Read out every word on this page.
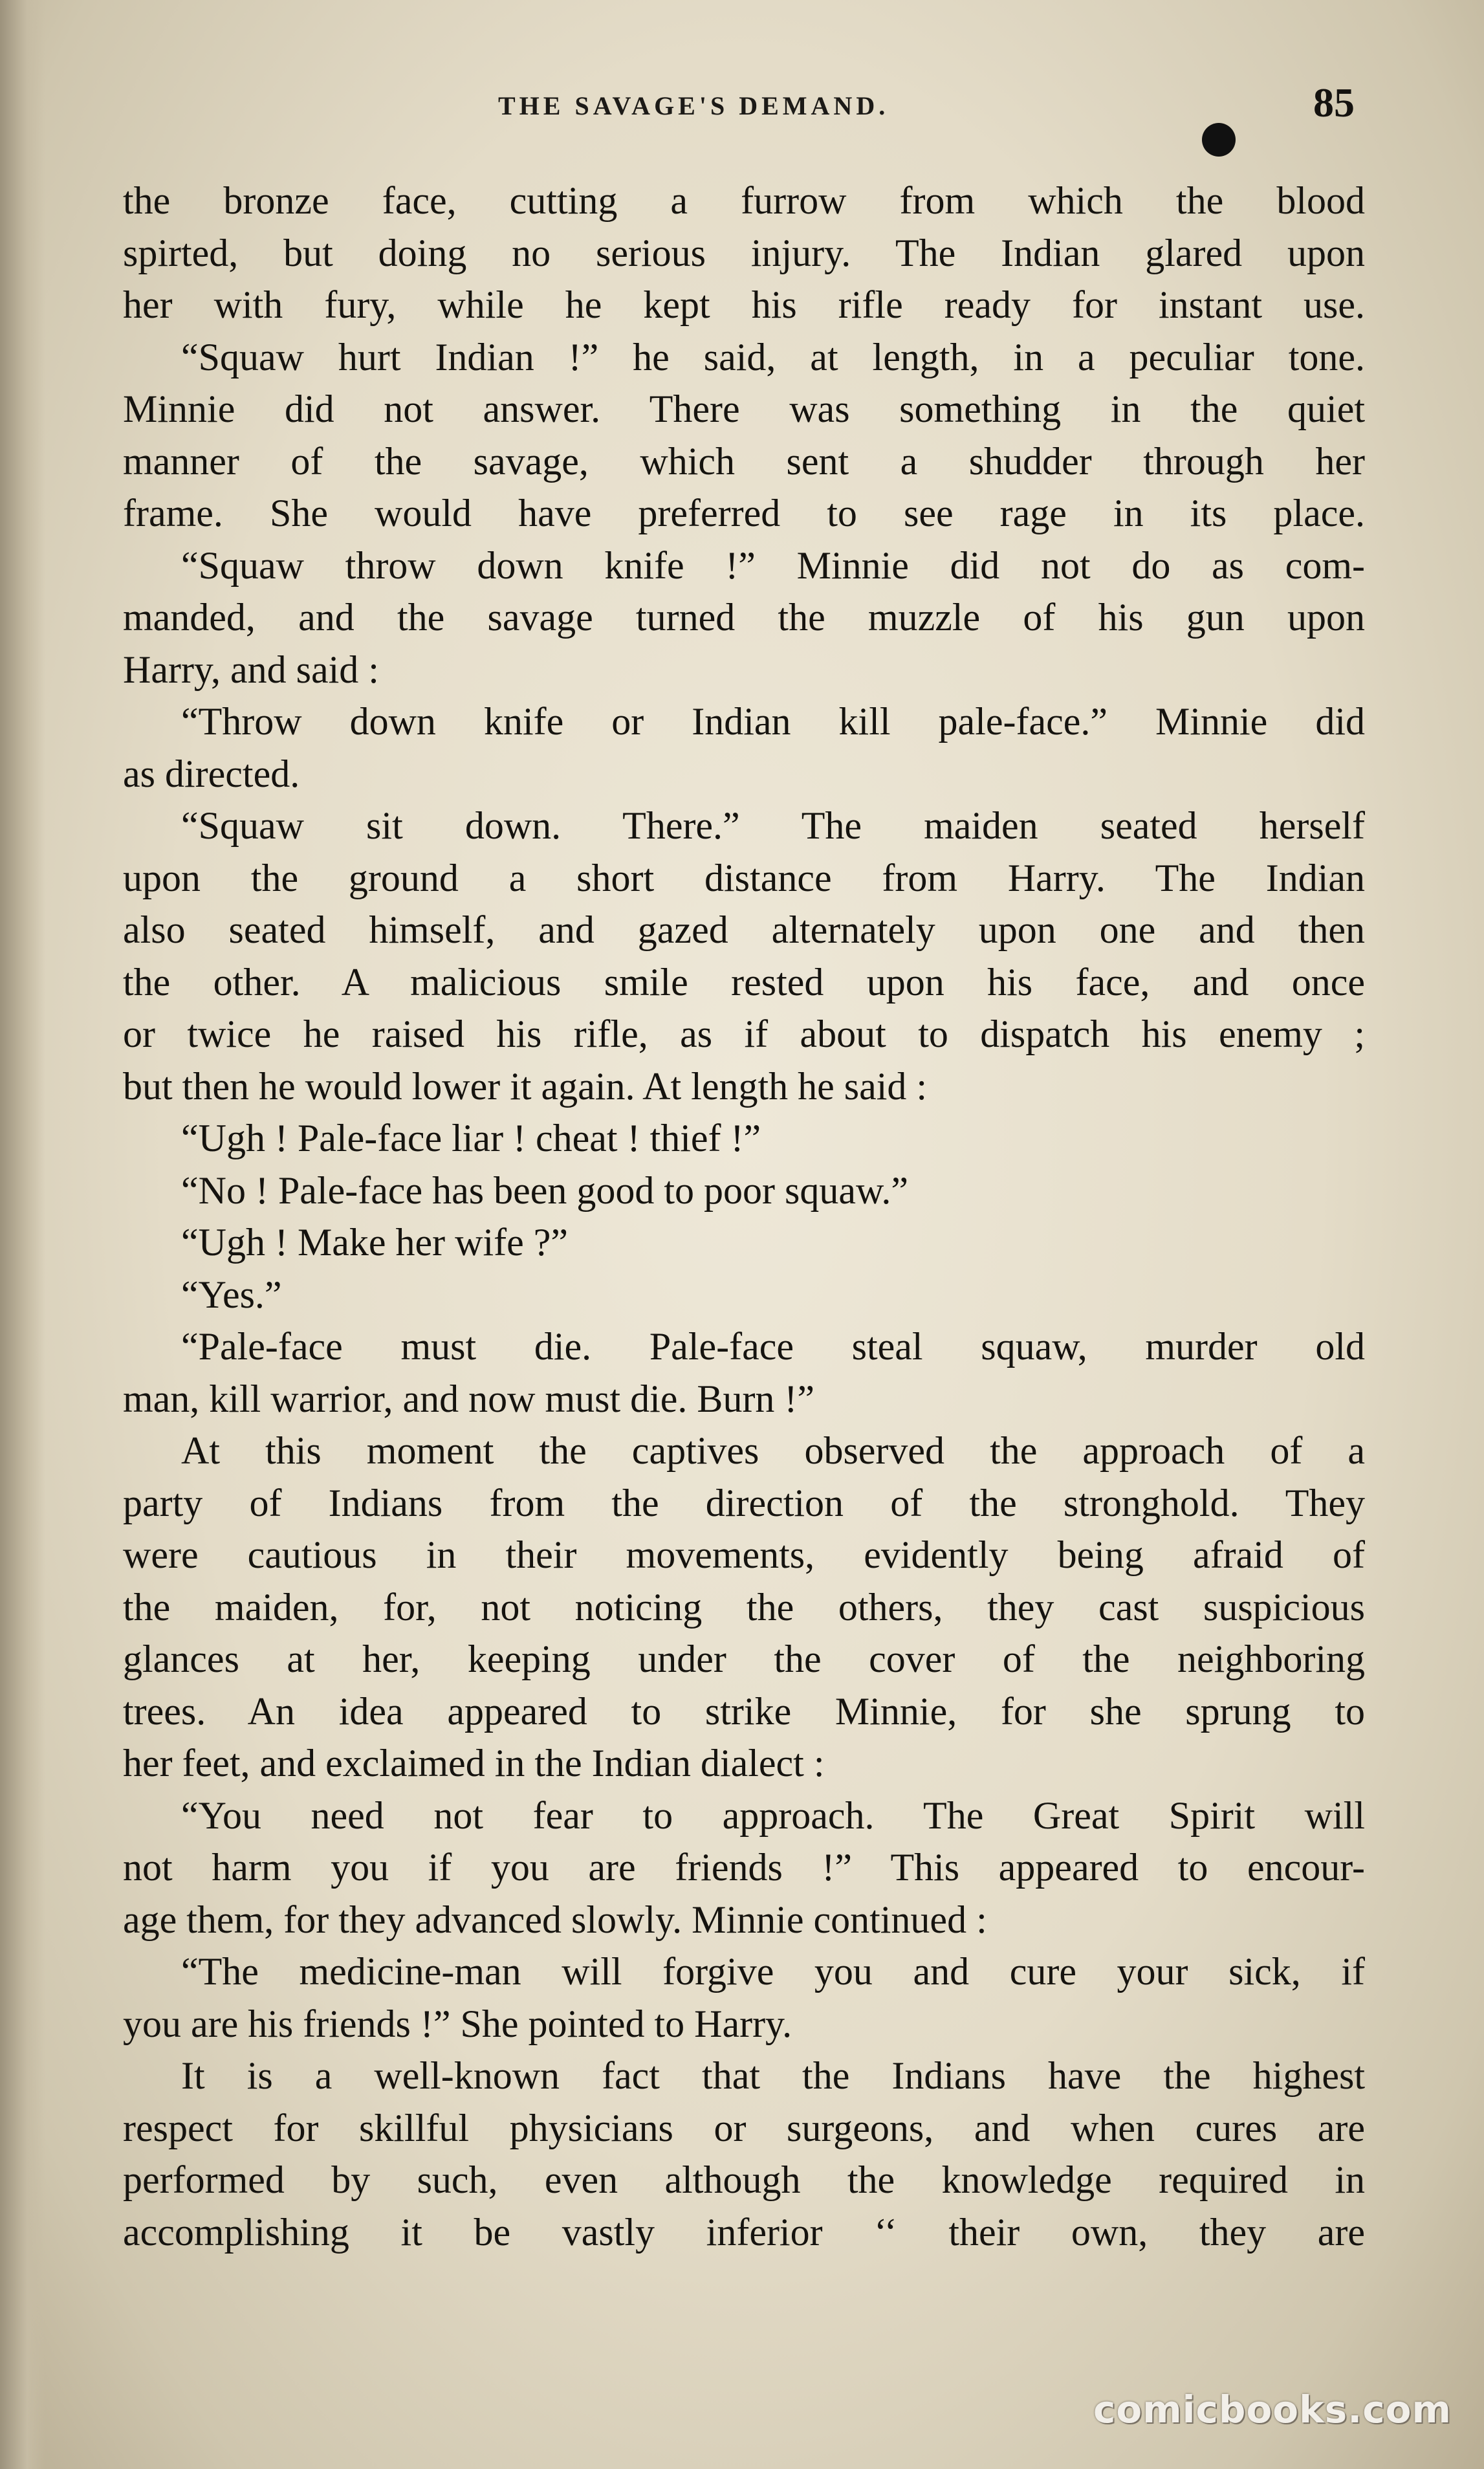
THE SAVAGE'S DEMAND.	85
the bronze face, cutting a furrow from which the blood
spirted, but doing no serious injury. The Indian glared upon
her with fury, while he kept his rifle ready for instant use.
“Squaw hurt Indian !” he said, at length, in a peculiar tone.
Minnie did not answer. There was something in the quiet
manner of the savage, which sent a shudder through her
frame. She would have preferred to see rage in its place.
“Squaw throw down knife !” Minnie did not do as com-
manded, and the savage turned the muzzle of his gun upon
Harry, and said :
“Throw down knife or Indian kill pale-face.” Minnie did
as directed.
“Squaw sit down. There.” The maiden seated herself
upon the ground a short distance from Harry. The Indian
also seated himself, and gazed alternately upon one and then
the other. A malicious smile rested upon his face, and once
or twice he raised his rifle, as if about to dispatch his enemy ;
but then he would lower it again. At length he said :
“Ugh ! Pale-face liar ! cheat ! thief !”
“No ! Pale-face has been good to poor squaw.”
“Ugh ! Make her wife ?”
“Yes.”
“Pale-face must die. Pale-face steal squaw, murder old
man, kill warrior, and now must die. Burn !”
At this moment the captives observed the approach of a
party of Indians from the direction of the stronghold. They
were cautious in their movements, evidently being afraid of
the maiden, for, not noticing the others, they cast suspicious
glances at her, keeping under the cover of the neighboring
trees. An idea appeared to strike Minnie, for she sprung to
her feet, and exclaimed in the Indian dialect :
“You need not fear to approach. The Great Spirit will
not harm you if you are friends !” This appeared to encour-
age them, for they advanced slowly. Minnie continued :
“The medicine-man will forgive you and cure your sick, if
you are his friends !” She pointed to Harry.
It is a well-known fact that the Indians have the highest
respect for skillful physicians or surgeons, and when cures are
performed by such, even although the knowledge required in
accomplishing it be vastly inferior ‘‘ their own, they are
comicbooks.com
